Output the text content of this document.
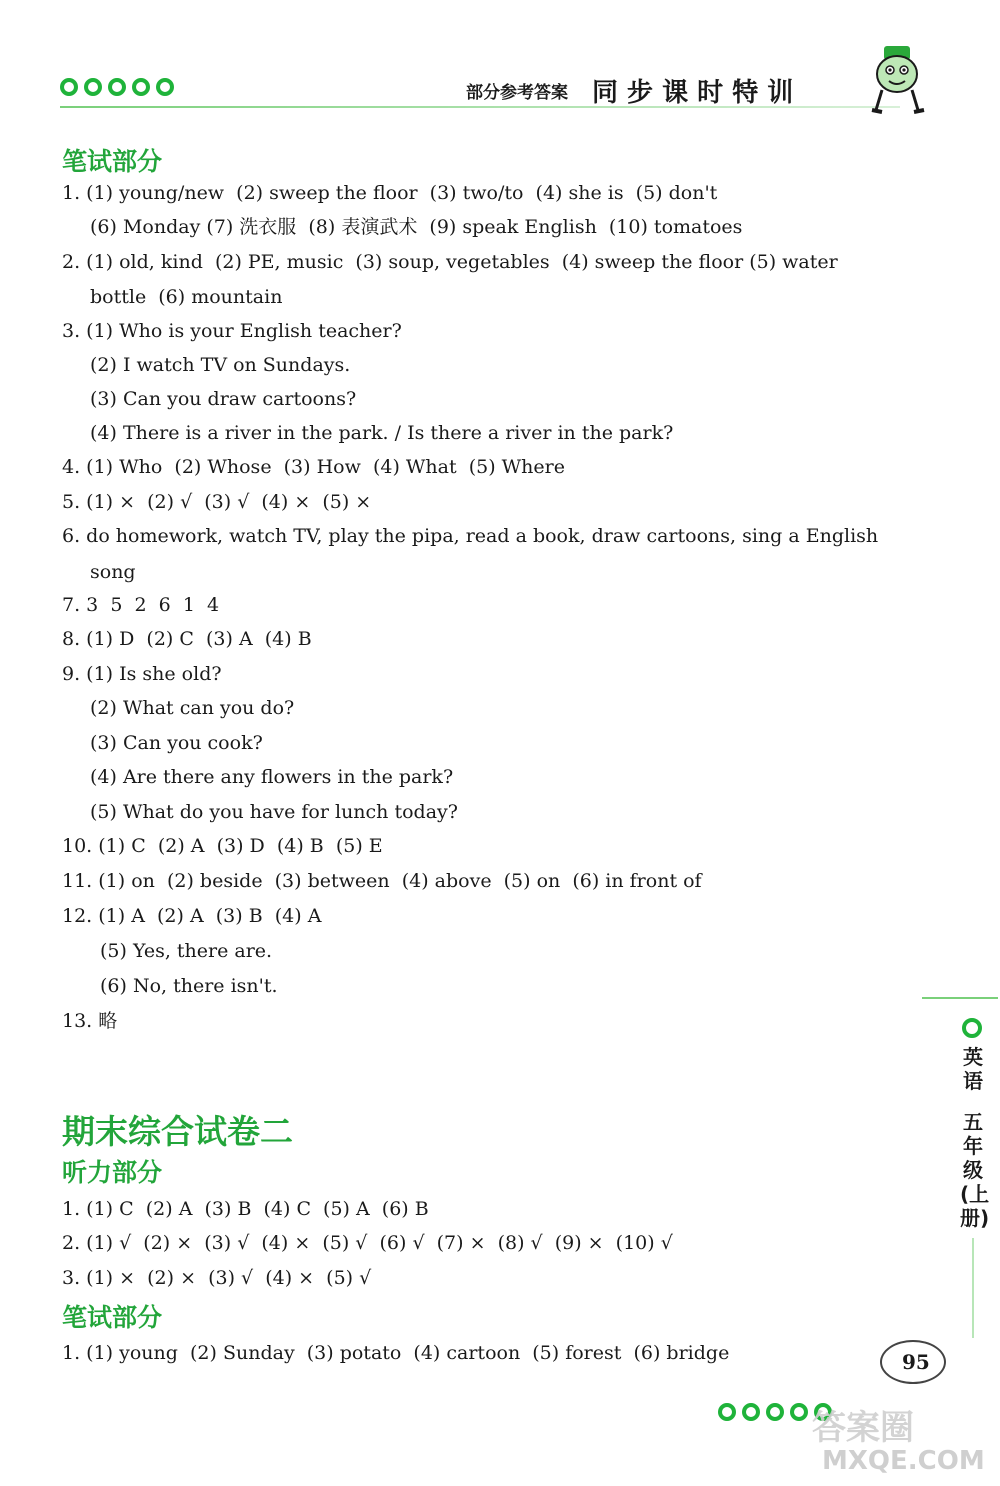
部分参考答案 同 步 课 时 特 训
笔试部分
1. (1) young/new  (2) sweep the floor  (3) two/to  (4) she is  (5) don't
(6) Monday (7) 洗衣服  (8) 表演武术  (9) speak English  (10) tomatoes
2. (1) old, kind  (2) PE, music  (3) soup, vegetables  (4) sweep the floor (5) water
bottle  (6) mountain
3. (1) Who is your English teacher?
(2) I watch TV on Sundays.
(3) Can you draw cartoons?
(4) There is a river in the park. / Is there a river in the park?
4. (1) Who  (2) Whose  (3) How  (4) What  (5) Where
5. (1) ×  (2) √  (3) √  (4) ×  (5) ×
6. do homework, watch TV, play the pipa, read a book, draw cartoons, sing a English
song
7. 3  5  2  6  1  4
8. (1) D  (2) C  (3) A  (4) B
9. (1) Is she old?
(2) What can you do?
(3) Can you cook?
(4) Are there any flowers in the park?
(5) What do you have for lunch today?
10. (1) C  (2) A  (3) D  (4) B  (5) E
11. (1) on  (2) beside  (3) between  (4) above  (5) on  (6) in front of
12. (1) A  (2) A  (3) B  (4) A
(5) Yes, there are.
(6) No, there isn't.
13. 略
期末综合试卷二
听力部分
1. (1) C  (2) A  (3) B  (4) C  (5) A  (6) B
2. (1) √  (2) ×  (3) √  (4) ×  (5) √  (6) √  (7) ×  (8) √  (9) ×  (10) √
3. (1) ×  (2) ×  (3) √  (4) ×  (5) √
笔试部分
1. (1) young  (2) Sunday  (3) potato  (4) cartoon  (5) forest  (6) bridge
英语
五年级(上册)
95
答案圈
MXQE.COM
